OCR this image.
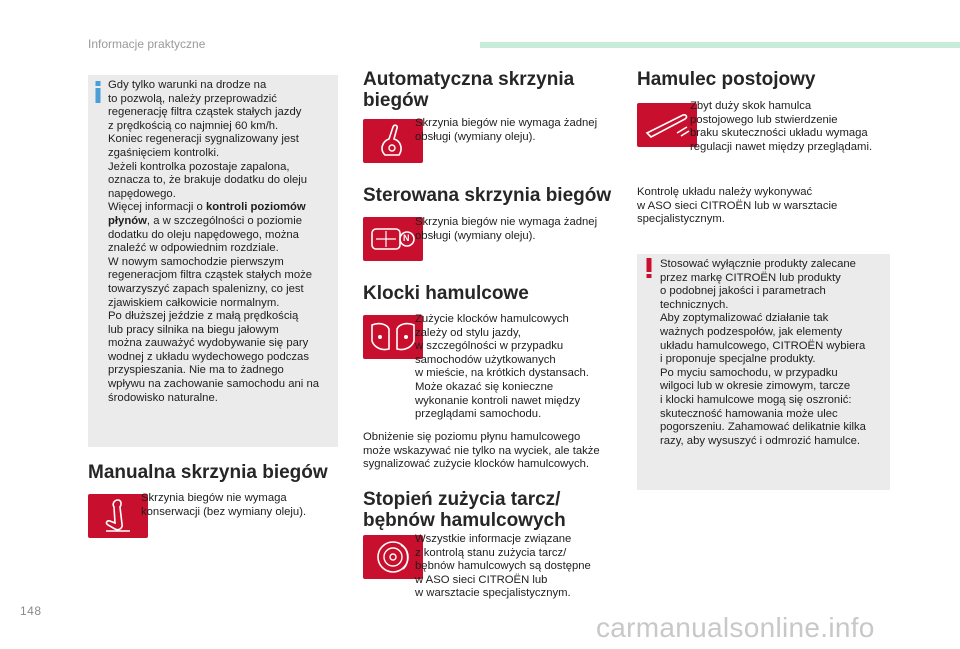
Informacje praktyczne
Gdy tylko warunki na drodze na
to pozwolą, należy przeprowadzić
regenerację filtra cząstek stałych jazdy
z prędkością co najmniej 60 km/h.
Koniec regeneracji sygnalizowany jest
zgaśnięciem kontrolki.
Jeżeli kontrolka pozostaje zapalona,
oznacza to, że brakuje dodatku do oleju
napędowego.
Więcej informacji o kontroli poziomów
płynów, a w szczególności o poziomie
dodatku do oleju napędowego, można
znaleźć w odpowiednim rozdziale.
W nowym samochodzie pierwszym
regeneracjom filtra cząstek stałych może
towarzyszyć zapach spalenizny, co jest
zjawiskiem całkowicie normalnym.
Po dłuższej jeździe z małą prędkością
lub pracy silnika na biegu jałowym
można zauważyć wydobywanie się pary
wodnej z układu wydechowego podczas
przyspieszania. Nie ma to żadnego
wpływu na zachowanie samochodu ani na
środowisko naturalne.
Manualna skrzynia biegów
Skrzynia biegów nie wymaga
konserwacji (bez wymiany oleju).
Automatyczna skrzynia
biegów
Skrzynia biegów nie wymaga żadnej
obsługi (wymiany oleju).
Sterowana skrzynia biegów
N
Skrzynia biegów nie wymaga żadnej
obsługi (wymiany oleju).
Klocki hamulcowe
Zużycie klocków hamulcowych
zależy od stylu jazdy,
w szczególności w przypadku
samochodów użytkowanych
w mieście, na krótkich dystansach.
Może okazać się konieczne
wykonanie kontroli nawet między
przeglądami samochodu.
Obniżenie się poziomu płynu hamulcowego
może wskazywać nie tylko na wyciek, ale także
sygnalizować zużycie klocków hamulcowych.
Stopień zużycia tarcz/
bębnów hamulcowych
Wszystkie informacje związane
z kontrolą stanu zużycia tarcz/
bębnów hamulcowych są dostępne
w ASO sieci CITROËN lub
w warsztacie specjalistycznym.
Hamulec postojowy
Zbyt duży skok hamulca
postojowego lub stwierdzenie
braku skuteczności układu wymaga
regulacji nawet między przeglądami.
Kontrolę układu należy wykonywać
w ASO sieci CITROËN lub w warsztacie
specjalistycznym.
Stosować wyłącznie produkty zalecane
przez markę CITROËN lub produkty
o podobnej jakości i parametrach
technicznych.
Aby zoptymalizować działanie tak
ważnych podzespołów, jak elementy
układu hamulcowego, CITROËN wybiera
i proponuje specjalne produkty.
Po myciu samochodu, w przypadku
wilgoci lub w okresie zimowym, tarcze
i klocki hamulcowe mogą się oszronić:
skuteczność hamowania może ulec
pogorszeniu. Zahamować delikatnie kilka
razy, aby wysuszyć i odmrozić hamulce.
148
carmanualsonline.info
